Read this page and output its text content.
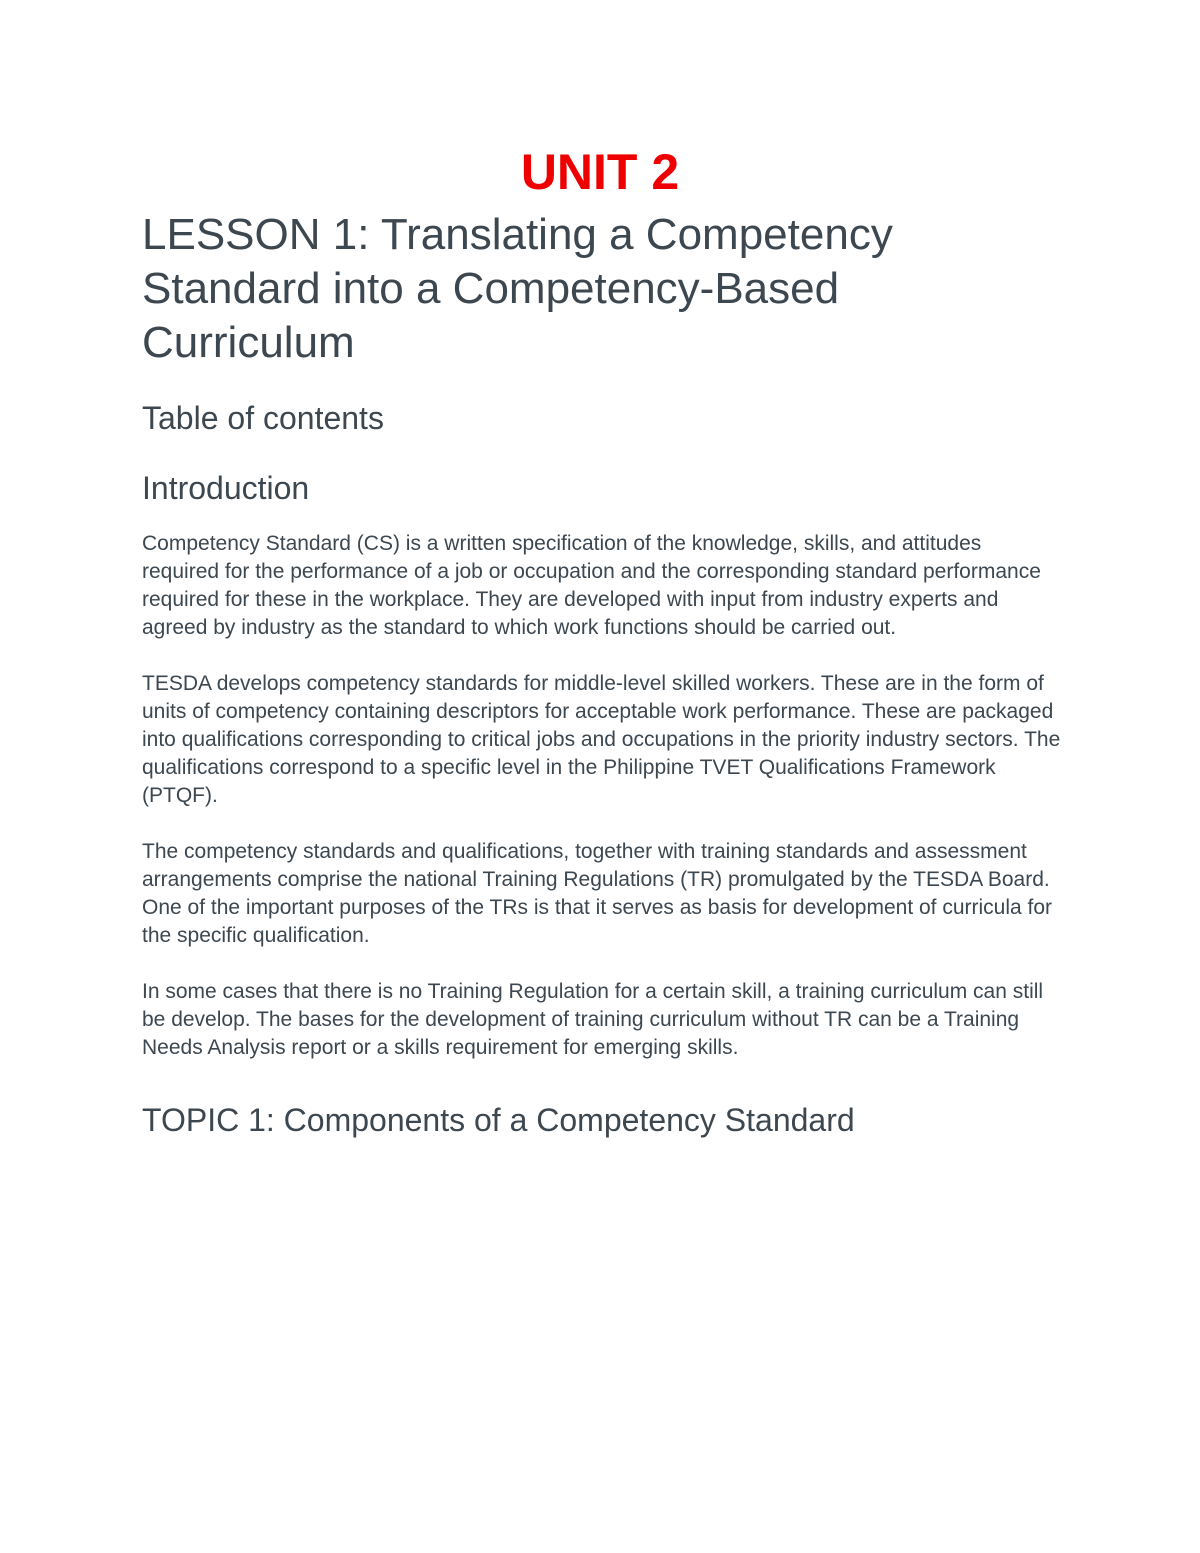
UNIT 2
LESSON 1: Translating a Competency Standard into a Competency-Based Curriculum
Table of contents
Introduction

Competency Standard (CS) is a written specification of the knowledge, skills, and attitudes required for the performance of a job or occupation and the corresponding standard performance required for these in the workplace. They are developed with input from industry experts and agreed by industry as the standard to which work functions should be carried out.

TESDA develops competency standards for middle-level skilled workers. These are in the form of units of competency containing descriptors for acceptable work performance. These are packaged into qualifications corresponding to critical jobs and occupations in the priority industry sectors. The qualifications correspond to a specific level in the Philippine TVET Qualifications Framework (PTQF).

The competency standards and qualifications, together with training standards and assessment arrangements comprise the national Training Regulations (TR) promulgated by the TESDA Board. One of the important purposes of the TRs is that it serves as basis for development of curricula for the specific qualification.

In some cases that there is no Training Regulation for a certain skill, a training curriculum can still be develop. The bases for the development of training curriculum without TR can be a Training Needs Analysis report or a skills requirement for emerging skills.

TOPIC 1: Components of a Competency Standard
